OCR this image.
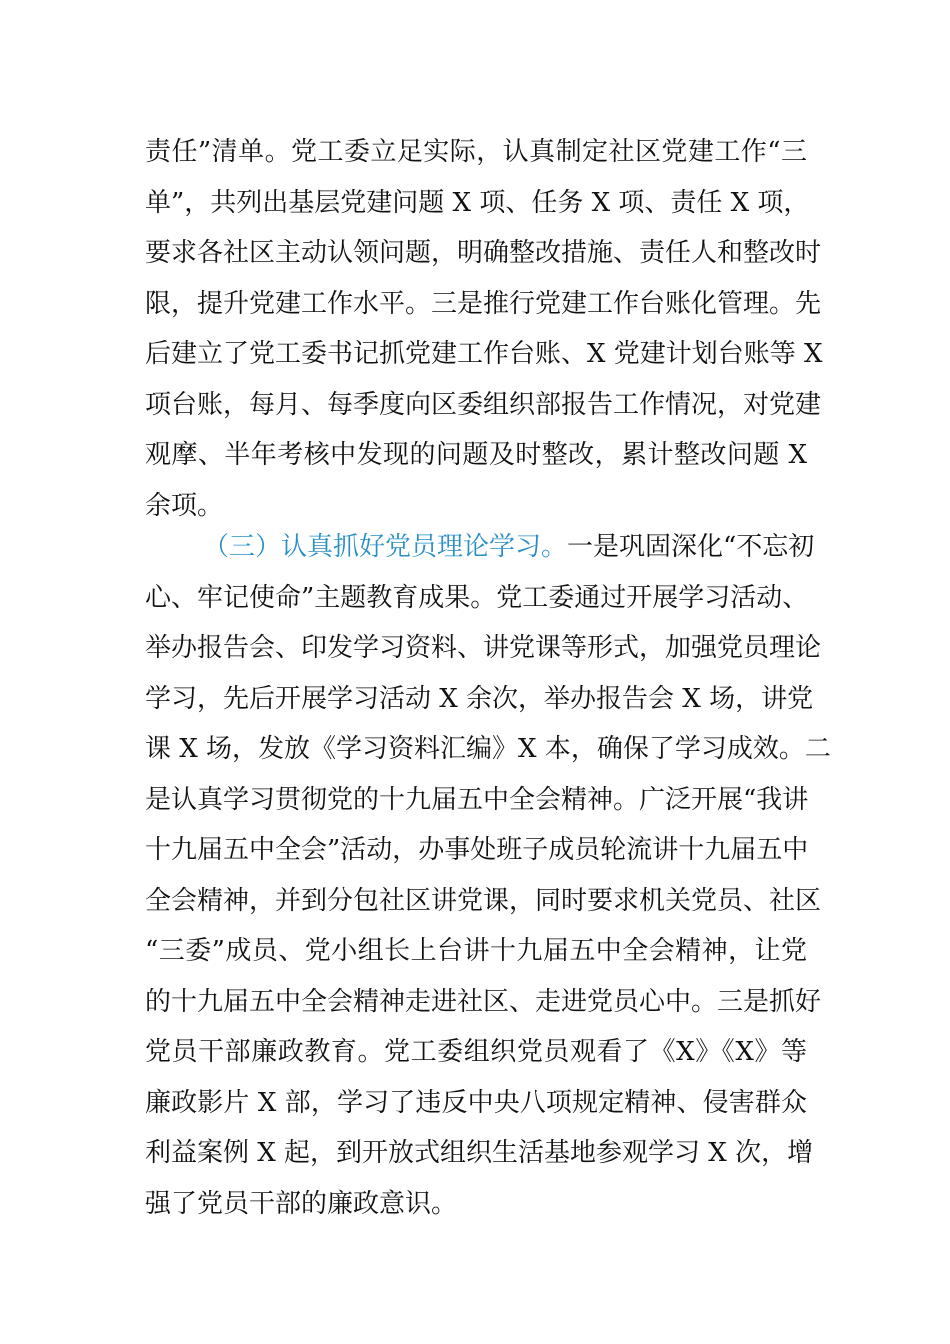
责任”清单。党工委立足实际，认真制定社区党建工作“三
单”，共列出基层党建问题 X 项、任务 X 项、责任 X 项，
要求各社区主动认领问题，明确整改措施、责任人和整改时
限，提升党建工作水平。三是推行党建工作台账化管理。先
后建立了党工委书记抓党建工作台账、X 党建计划台账等 X
项台账，每月、每季度向区委组织部报告工作情况，对党建
观摩、半年考核中发现的问题及时整改，累计整改问题 X
余项。
（三）认真抓好党员理论学习。一是巩固深化“不忘初
心、牢记使命”主题教育成果。党工委通过开展学习活动、
举办报告会、印发学习资料、讲党课等形式，加强党员理论
学习，先后开展学习活动 X 余次，举办报告会 X 场，讲党
课 X 场，发放《学习资料汇编》X 本，确保了学习成效。二
是认真学习贯彻党的十九届五中全会精神。广泛开展“我讲
十九届五中全会”活动，办事处班子成员轮流讲十九届五中
全会精神，并到分包社区讲党课，同时要求机关党员、社区
“三委”成员、党小组长上台讲十九届五中全会精神，让党
的十九届五中全会精神走进社区、走进党员心中。三是抓好
党员干部廉政教育。党工委组织党员观看了《X》《X》等
廉政影片 X 部，学习了违反中央八项规定精神、侵害群众
利益案例 X 起，到开放式组织生活基地参观学习 X 次，增
强了党员干部的廉政意识。
